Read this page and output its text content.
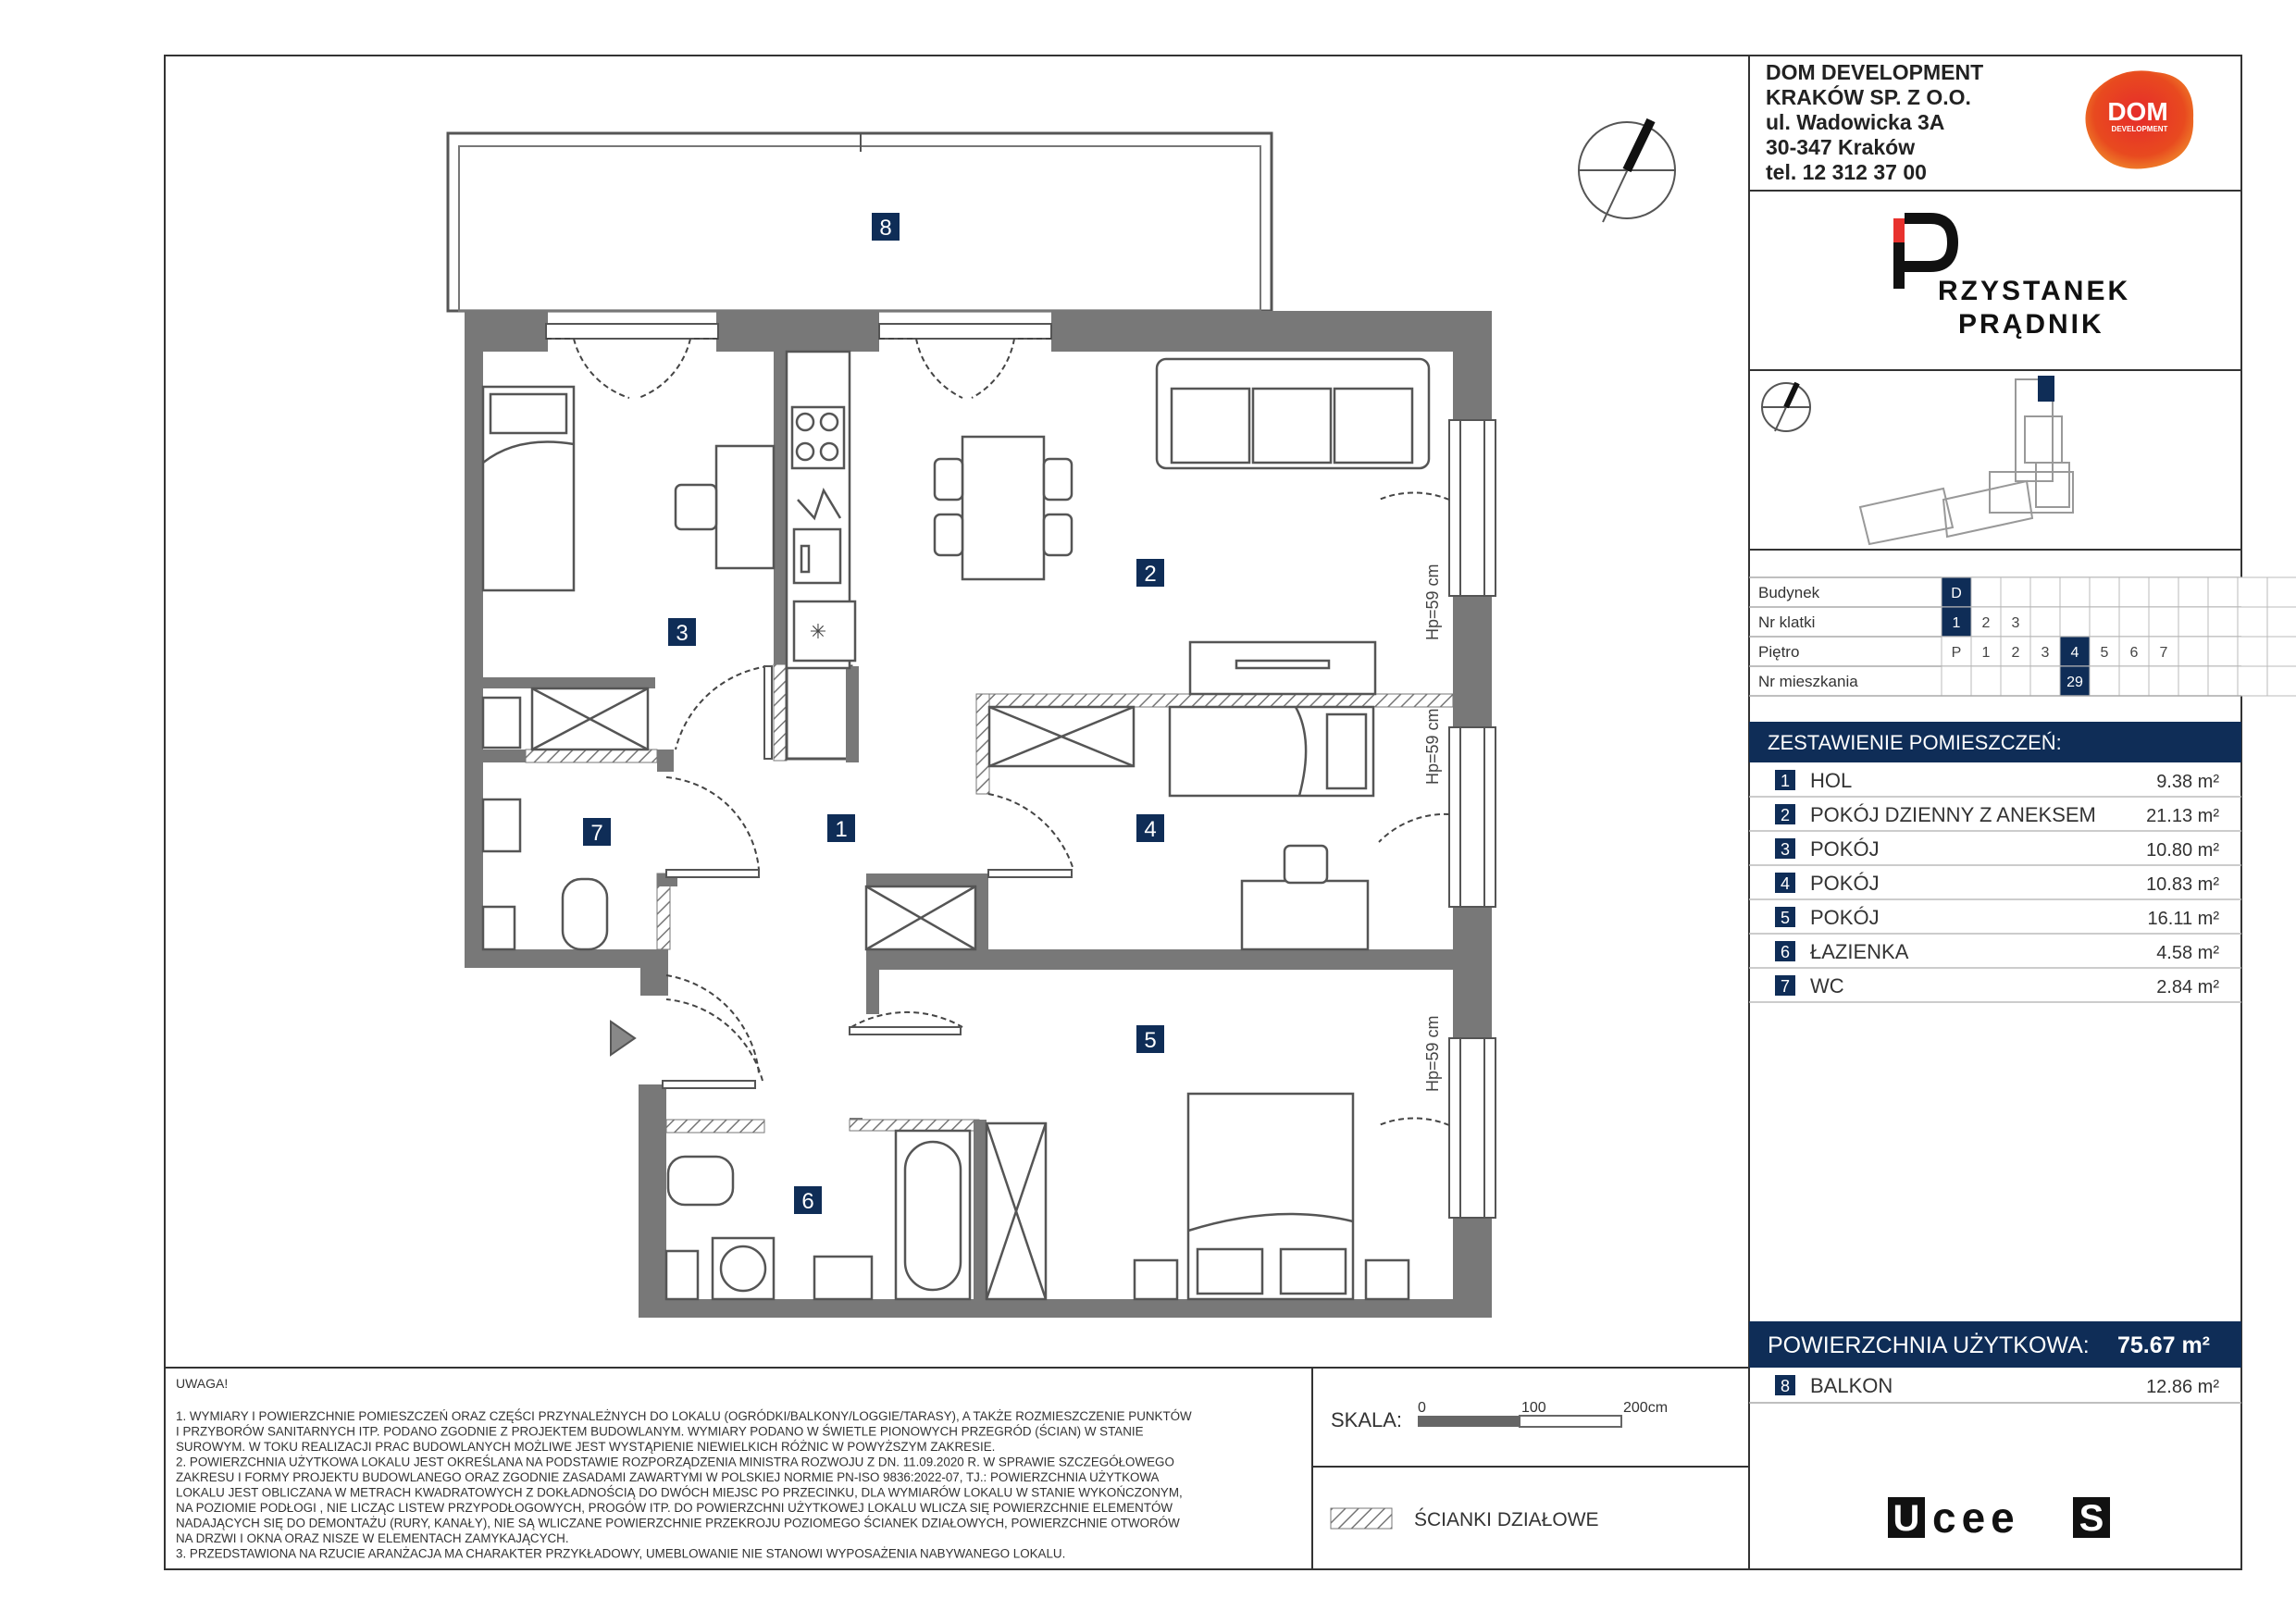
✳	Hp=59 cm
Hp=59 cm
Hp=59 cm
8
2
3
1	4
7
5
6
DOM DEVELOPMENT
KRAKÓW SP. Z O.O.
ul. Wadowicka 3A
30-347 Kraków
tel. 12 312 37 00
DOM
DEVELOPMENT
RZYSTANEK
PRĄDNIK
Budynek	D
Nr klatki	1 2 3
Piętro	P 1 2 3 4 5 6 7
Nr mieszkania	29
ZESTAWIENIE POMIESZCZEŃ:
1 HOL	9.38 m²
2 POKÓJ DZIENNY Z ANEKSEM	21.13 m²
3 POKÓJ	10.80 m²
4 POKÓJ	10.83 m²
5 POKÓJ	16.11 m²
6 ŁAZIENKA	4.58 m²
7 WC	2.84 m²
POWIERZCHNIA UŻYTKOWA: 75.67 m²
8 BALKON	12.86 m²
U cee S
UWAGA!
1. WYMIARY I POWIERZCHNIE POMIESZCZEŃ ORAZ CZĘŚCI PRZYNALEŻNYCH DO LOKALU (OGRÓDKI/BALKONY/LOGGIE/TARASY), A TAKŻE ROZMIESZCZENIE PUNKTÓW
I PRZYBORÓW SANITARNYCH ITP. PODANO ZGODNIE Z PROJEKTEM BUDOWLANYM. WYMIARY PODANO W ŚWIETLE PIONOWYCH PRZEGRÓD (ŚCIAN) W STANIE
SUROWYM. W TOKU REALIZACJI PRAC BUDOWLANYCH MOŻLIWE JEST WYSTĄPIENIE NIEWIELKICH RÓŻNIC W POWYŻSZYM ZAKRESIE.
2. POWIERZCHNIA UŻYTKOWA LOKALU JEST OKREŚLANA NA PODSTAWIE ROZPORZĄDZENIA MINISTRA ROZWOJU Z DN. 11.09.2020 R. W SPRAWIE SZCZEGÓŁOWEGO
ZAKRESU I FORMY PROJEKTU BUDOWLANEGO ORAZ ZGODNIE ZASADAMI ZAWARTYMI W POLSKIEJ NORMIE PN-ISO 9836:2022-07, TJ.: POWIERZCHNIA UŻYTKOWA
LOKALU JEST OBLICZANA W METRACH KWADRATOWYCH Z DOKŁADNOŚCIĄ DO DWÓCH MIEJSC PO PRZECINKU, DLA WYMIARÓW LOKALU W STANIE WYKOŃCZONYM,
NA POZIOMIE PODŁOGI , NIE LICZĄC LISTEW PRZYPODŁOGOWYCH, PROGÓW ITP. DO POWIERZCHNI UŻYTKOWEJ LOKALU WLICZA SIĘ POWIERZCHNIE ELEMENTÓW
NADAJĄCYCH SIĘ DO DEMONTAŻU (RURY, KANAŁY), NIE SĄ WLICZANE POWIERZCHNIE PRZEKROJU POZIOMEGO ŚCIANEK DZIAŁOWYCH, POWIERZCHNIE OTWORÓW
NA DRZWI I OKNA ORAZ NISZE W ELEMENTACH ZAMYKAJĄCYCH.
3. PRZEDSTAWIONA NA RZUCIE ARANŻACJA MA CHARAKTER PRZYKŁADOWY, UMEBLOWANIE NIE STANOWI WYPOSAŻENIA NABYWANEGO LOKALU.
SKALA:
0	100	200cm
ŚCIANKI DZIAŁOWE
